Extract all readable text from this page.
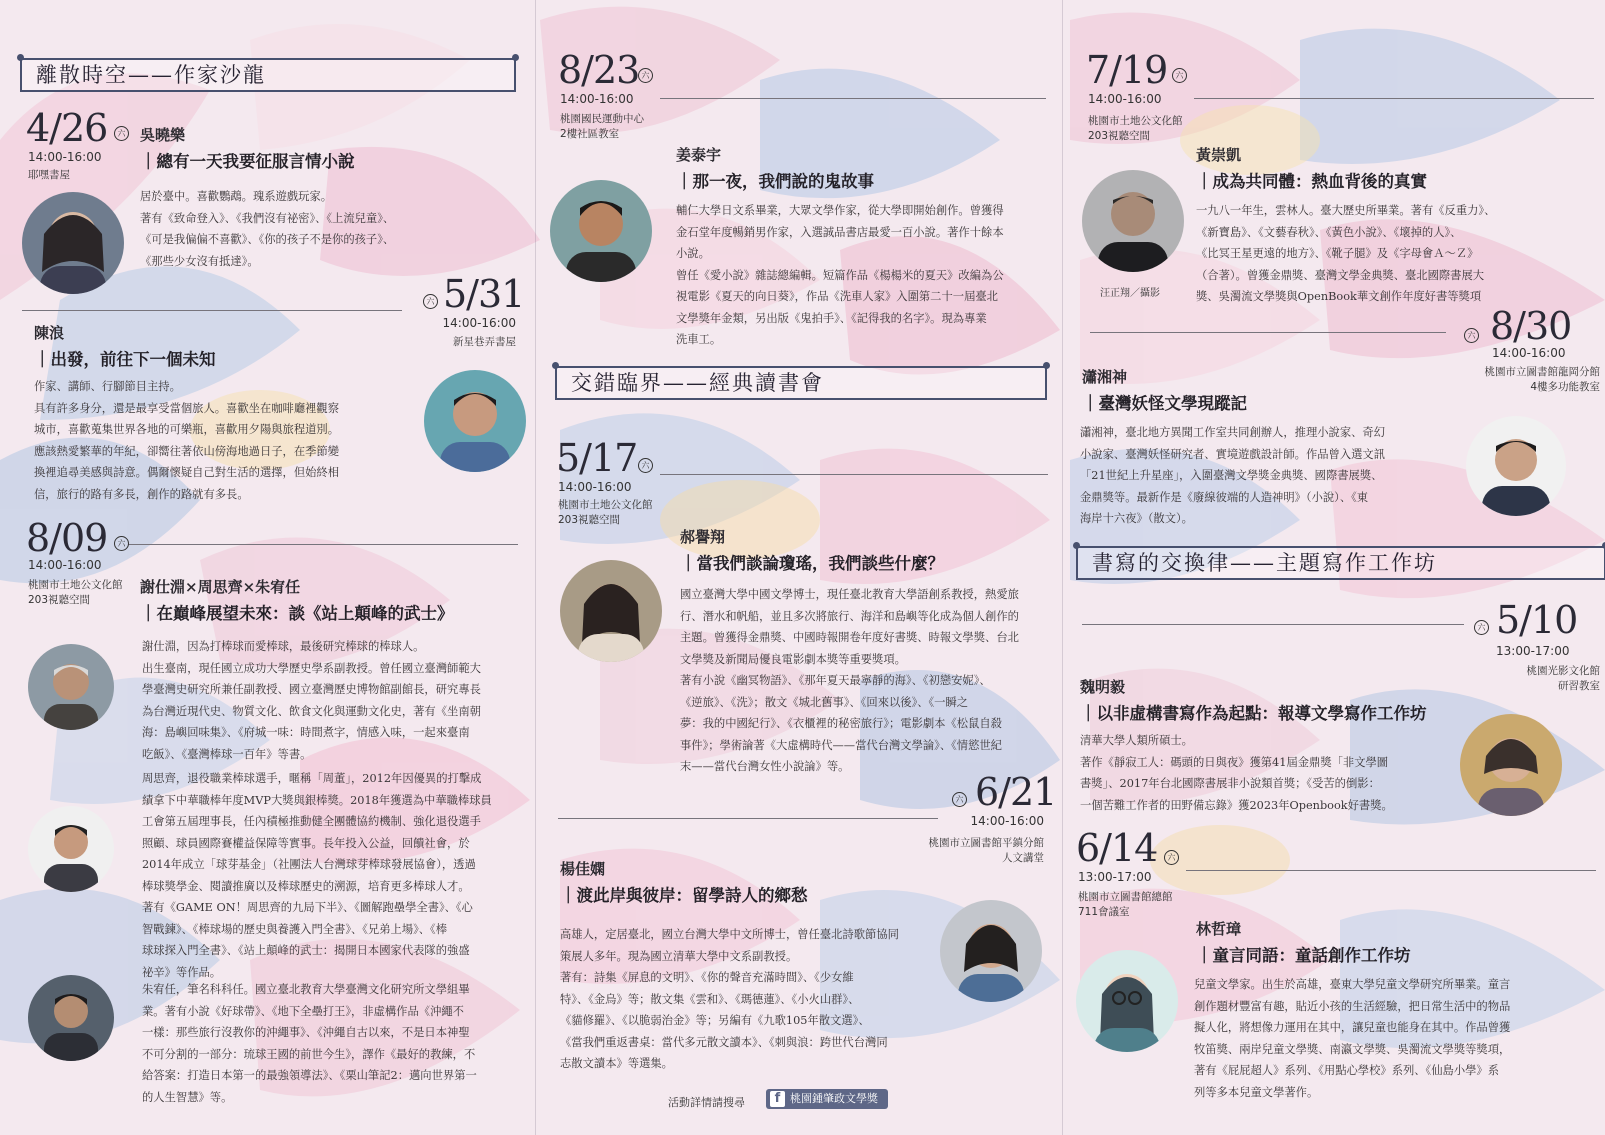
離散時空——作家沙龍
4/26	六
14:00-16:00
耶嘿書屋
吳曉樂
｜總有一天我要征服言情小說

居於臺中。喜歡鸚鵡。瑰系遊戲玩家。

著有《致命登入》、《我們沒有祕密》、《上流兒童》、

《可是我偏偏不喜歡》、《你的孩子不是你的孩子》、

《那些少女沒有抵達》。

六 5/31
14:00-16:00
新星巷弄書屋
陳浪
｜出發，前往下一個未知

作家、講師、行腳節目主持。

具有許多身分，還是最享受當個旅人。喜歡坐在咖啡廳裡觀察

城市，喜歡蒐集世界各地的可樂瓶，喜歡用夕陽與旅程道別。

應該熱愛繁華的年紀，卻嚮往著依山傍海地過日子，在季節變

換裡追尋美感與詩意。偶爾懷疑自己對生活的選擇，但始終相

信，旅行的路有多長，創作的路就有多長。

8/09	六
14:00-16:00
桃園市土地公文化館
203視聽空間
謝仕淵×周思齊×朱宥任
｜在巔峰展望未來：談《站上顛峰的武士》

謝仕淵，因為打棒球而愛棒球，最後研究棒球的棒球人。

出生臺南，現任國立成功大學歷史學系副教授。曾任國立臺灣師範大

學臺灣史研究所兼任副教授、國立臺灣歷史博物館副館長，研究專長

為台灣近現代史、物質文化、飲食文化與運動文化史，著有《坐南朝

海：島嶼回味集》、《府城一味：時間煮字，情感入味，一起來臺南

吃飯》、《臺灣棒球一百年》等書。

周思齊，退役職業棒球選手，暱稱「周董」，2012年因優異的打擊成

績拿下中華職棒年度MVP大獎與銀棒獎。2018年獲選為中華職棒球員

工會第五屆理事長，任內積極推動健全團體協約機制、強化退役選手

照顧、球員國際賽權益保障等實事。長年投入公益，回饋社會，於

2014年成立「球芽基金」（社團法人台灣球芽棒球發展協會），透過

棒球獎學金、閱讀推廣以及棒球歷史的溯源，培育更多棒球人才。

著有《GAME ON！周思齊的九局下半》、《圖解跑壘學全書》、《心

智戰鍊》、《棒球場的歷史與養護入門全書》、《兄弟上場》、《棒

球球探入門全書》、《站上顛峰的武士：揭開日本國家代表隊的強盛

祕辛》等作品。

朱宥任，筆名科科任。國立臺北教育大學臺灣文化研究所文學組畢

業。著有小說《好球帶》、《地下全壘打王》，非虛構作品《沖繩不

一樣：那些旅行沒教你的沖繩事》、《沖繩自古以來，不是日本神聖

不可分割的一部分：琉球王國的前世今生》，譯作《最好的教練，不

給答案：打造日本第一的最強領導法》、《栗山筆記2：邁向世界第一

的人生智慧》等。

8/23 六
14:00-16:00
桃園國民運動中心
2樓社區教室
姜泰宇
｜那一夜，我們說的鬼故事

輔仁大學日文系畢業，大眾文學作家，從大學即開始創作。曾獲得

金石堂年度暢銷男作家，入選誠品書店最愛一百小說。著作十餘本

小說。

曾任《愛小說》雜誌總編輯。短篇作品《楊楊米的夏天》改編為公

視電影《夏天的向日葵》，作品《洗車人家》入圍第二十一屆臺北

文學獎年金類，另出版《鬼拍手》、《記得我的名字》。現為專業

洗車工。

交錯臨界——經典讀書會
5/17 六
14:00-16:00
桃園市土地公文化館
203視聽空間
郝譽翔
｜當我們談論瓊瑤，我們談些什麼？

國立臺灣大學中國文學博士，現任臺北教育大學語創系教授，熱愛旅

行、潛水和帆船，並且多次將旅行、海洋和島嶼等化成為個人創作的

主題。曾獲得金鼎獎、中國時報開卷年度好書獎、時報文學獎、台北

文學獎及新聞局優良電影劇本獎等重要獎項。

著有小說《幽冥物語》、《那年夏天最寧靜的海》、《初戀安妮》、

《逆旅》、《洗》；散文《城北舊事》、《回來以後》、《一瞬之

夢：我的中國紀行》、《衣櫃裡的秘密旅行》；電影劇本《松鼠自殺

事件》；學術論著《大虛構時代——當代台灣文學論》、《情慾世紀

末——當代台灣女性小說論》等。

六 6/21
14:00-16:00
桃園市立圖書館平鎮分館
人文講堂
楊佳嫻
｜渡此岸與彼岸：留學詩人的鄉愁

高雄人，定居臺北，國立台灣大學中文所博士，曾任臺北詩歌節協同

策展人多年。現為國立清華大學中文系副教授。

著有：詩集《屏息的文明》、《你的聲音充滿時間》、《少女維

特》、《金烏》等；散文集《雲和》、《瑪德蓮》、《小火山群》、

《貓修羅》、《以脆弱治金》等；另編有《九歌105年散文選》、

《當我們重返書桌：當代多元散文讀本》、《刺與浪：跨世代台灣同

志散文讀本》等選集。

活動詳情請搜尋	f 桃園鍾肇政文學獎
7/19	六
14:00-16:00
桃園市土地公文化館
203視聽空間
黃崇凱
｜成為共同體：熱血背後的真實
汪正翔／攝影

一九八一年生，雲林人。臺大歷史所畢業。著有《反重力》、

《新寶島》、《文藝春秋》、《黃色小說》、《壞掉的人》、

《比冥王星更遠的地方》、《靴子腿》及《字母會Ａ～Ｚ》

（合著）。曾獲金鼎獎、臺灣文學金典獎、臺北國際書展大

獎、吳濁流文學獎與OpenBook華文創作年度好書等獎項

六 8/30
14:00-16:00
桃園市立圖書館龍岡分館
4樓多功能教室
瀟湘神
｜臺灣妖怪文學現蹤記

瀟湘神，臺北地方異聞工作室共同創辦人，推理小說家、奇幻

小說家、臺灣妖怪研究者、實境遊戲設計師。作品曾入選文訊

「21世紀上升星座」，入圍臺灣文學獎金典獎、國際書展獎、

金鼎獎等。最新作是《廢線彼端的人造神明》（小說）、《東

海岸十六夜》（散文）。

書寫的交換律——主題寫作工作坊
六 5/10
13:00-17:00
桃園光影文化館
研習教室
魏明毅
｜以非虛構書寫作為起點：報導文學寫作工作坊

清華大學人類所碩士。

著作《靜寂工人：碼頭的日與夜》獲第41屆金鼎獎「非文學圖

書獎」、2017年台北國際書展非小說類首獎；《受苦的倒影：

一個苦難工作者的田野備忘錄》獲2023年Openbook好書獎。

6/14	六
13:00-17:00
桃園市立圖書館總館
711會議室
林哲璋
｜童言同語：童話創作工作坊

兒童文學家。出生於高雄，臺東大學兒童文學研究所畢業。童言

創作題材豐富有趣，貼近小孩的生活經驗，把日常生活中的物品

擬人化，將想像力運用在其中，讓兒童也能身在其中。作品曾獲

牧笛獎、兩岸兒童文學獎、南瀛文學獎、吳濁流文學獎等獎項，

著有《屁屁超人》系列、《用點心學校》系列、《仙島小學》系

列等多本兒童文學著作。
